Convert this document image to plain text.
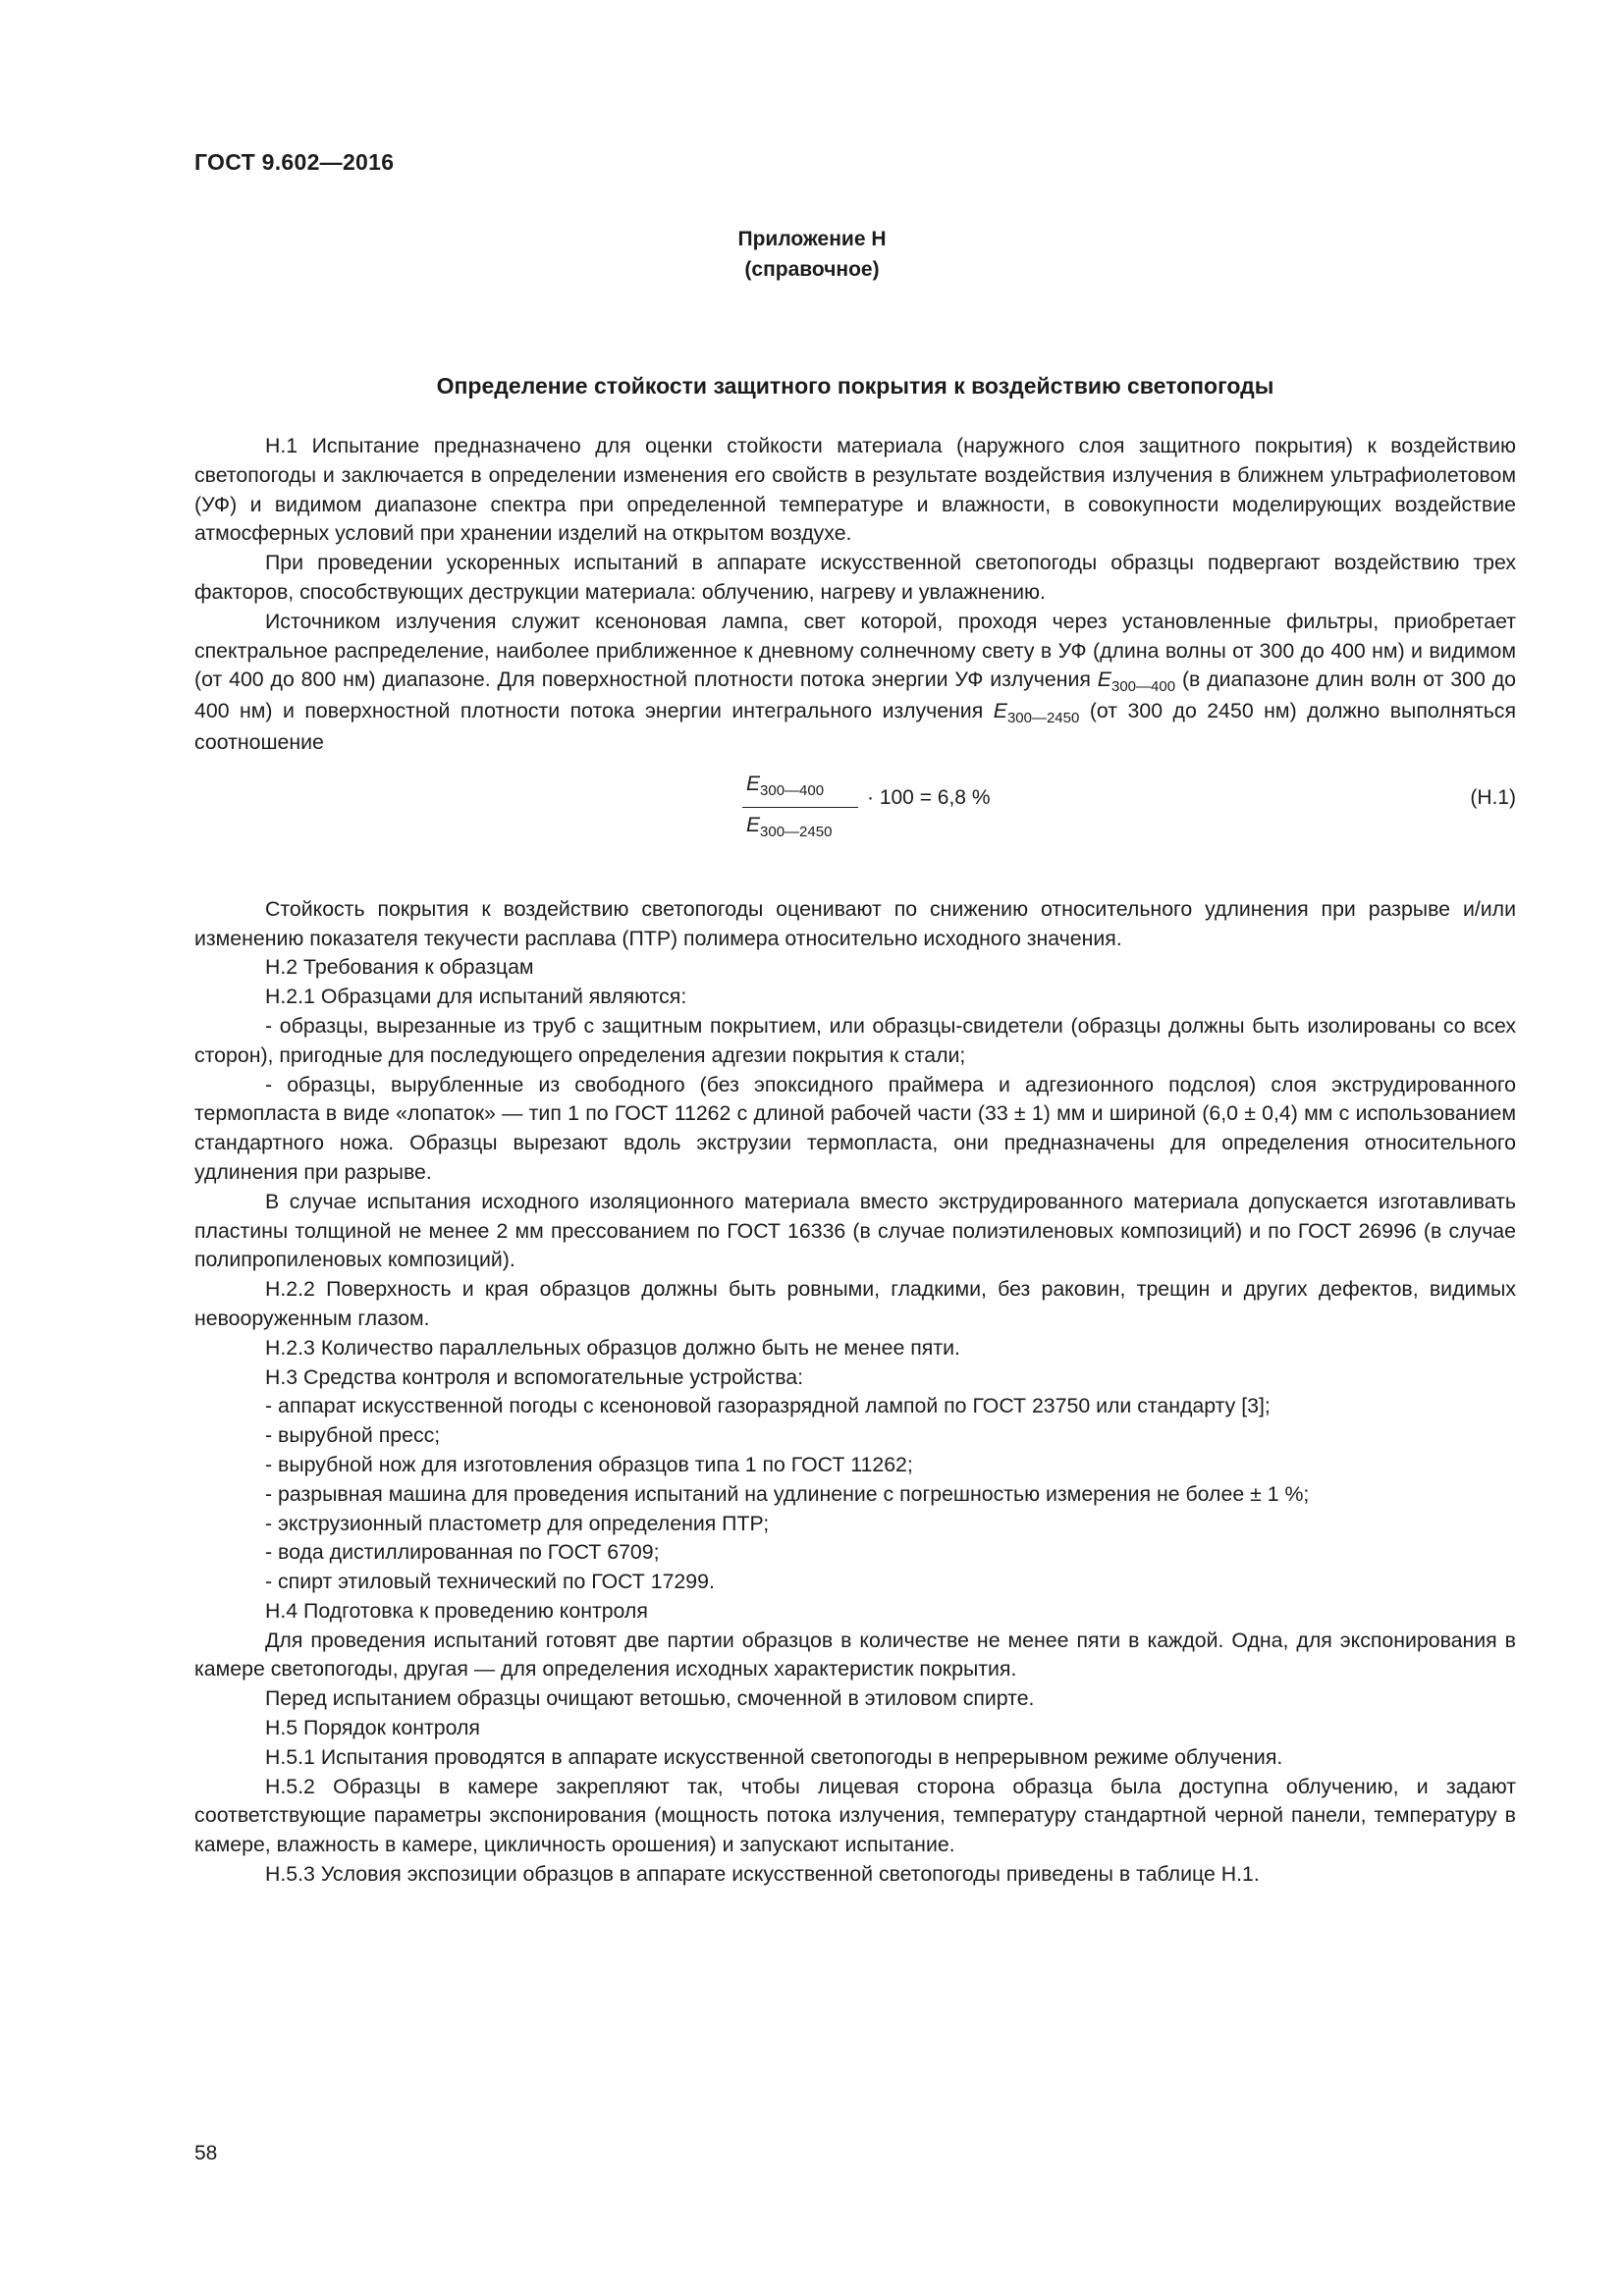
ГОСТ 9.602—2016
Приложение Н
(справочное)
Определение стойкости защитного покрытия к воздействию светопогоды

Н.1 Испытание предназначено для оценки стойкости материала (наружного слоя защитного покрытия) к воздействию светопогоды и заключается в определении изменения его свойств в результате воздействия излучения в ближнем ультрафиолетовом (УФ) и видимом диапазоне спектра при определенной температуре и влажности, в совокупности моделирующих воздействие атмосферных условий при хранении изделий на открытом воздухе.

При проведении ускоренных испытаний в аппарате искусственной светопогоды образцы подвергают воздействию трех факторов, способствующих деструкции материала: облучению, нагреву и увлажнению.

Источником излучения служит ксеноновая лампа, свет которой, проходя через установленные фильтры, приобретает спектральное распределение, наиболее приближенное к дневному солнечному свету в УФ (длина волны от 300 до 400 нм) и видимом (от 400 до 800 нм) диапазоне. Для поверхностной плотности потока энергии УФ излучения $E_{300—400}$ (в диапазоне длин волн от 300 до 400 нм) и поверхностной плотности потока энергии интегрального излучения $E_{300—2450}$ (от 300 до 2450 нм) должно выполняться соотношение

$E_{300—400}$
$E_{300—2450}$
· 100 = 6,8 %	(Н.1)

Стойкость покрытия к воздействию светопогоды оценивают по снижению относительного удлинения при разрыве и/или изменению показателя текучести расплава (ПТР) полимера относительно исходного значения.

Н.2 Требования к образцам

Н.2.1 Образцами для испытаний являются:

- образцы, вырезанные из труб с защитным покрытием, или образцы-свидетели (образцы должны быть изолированы со всех сторон), пригодные для последующего определения адгезии покрытия к стали;

- образцы, вырубленные из свободного (без эпоксидного праймера и адгезионного подслоя) слоя экструдированного термопласта в виде «лопаток» — тип 1 по ГОСТ 11262 с длиной рабочей части (33 ± 1) мм и шириной (6,0 ± 0,4) мм с использованием стандартного ножа. Образцы вырезают вдоль экструзии термопласта, они предназначены для определения относительного удлинения при разрыве.

В случае испытания исходного изоляционного материала вместо экструдированного материала допускается изготавливать пластины толщиной не менее 2 мм прессованием по ГОСТ 16336 (в случае полиэтиленовых композиций) и по ГОСТ 26996 (в случае полипропиленовых композиций).

Н.2.2 Поверхность и края образцов должны быть ровными, гладкими, без раковин, трещин и других дефектов, видимых невооруженным глазом.

Н.2.3 Количество параллельных образцов должно быть не менее пяти.

Н.3 Средства контроля и вспомогательные устройства:

- аппарат искусственной погоды с ксеноновой газоразрядной лампой по ГОСТ 23750 или стандарту [3];

- вырубной пресс;

- вырубной нож для изготовления образцов типа 1 по ГОСТ 11262;

- разрывная машина для проведения испытаний на удлинение с погрешностью измерения не более ± 1 %;

- экструзионный пластометр для определения ПТР;

- вода дистиллированная по ГОСТ 6709;

- спирт этиловый технический по ГОСТ 17299.

Н.4 Подготовка к проведению контроля

Для проведения испытаний готовят две партии образцов в количестве не менее пяти в каждой. Одна, для экспонирования в камере светопогоды, другая — для определения исходных характеристик покрытия.

Перед испытанием образцы очищают ветошью, смоченной в этиловом спирте.

Н.5 Порядок контроля

Н.5.1 Испытания проводятся в аппарате искусственной светопогоды в непрерывном режиме облучения.

Н.5.2 Образцы в камере закрепляют так, чтобы лицевая сторона образца была доступна облучению, и задают соответствующие параметры экспонирования (мощность потока излучения, температуру стандартной черной панели, температуру в камере, влажность в камере, цикличность орошения) и запускают испытание.

Н.5.3 Условия экспозиции образцов в аппарате искусственной светопогоды приведены в таблице Н.1.

58
